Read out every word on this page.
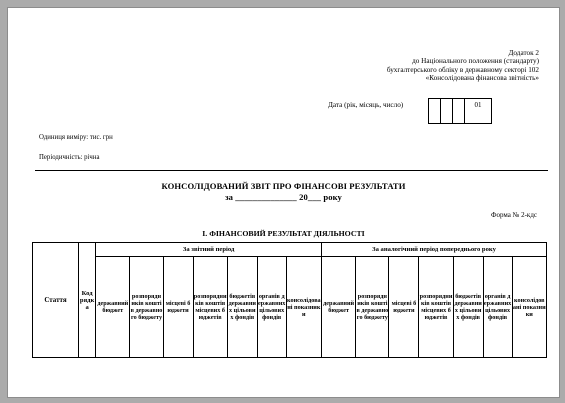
Додаток 2
до Національного положення (стандарту)
бухгалтерського обліку в державному секторі 102
«Консолідована фінансова звітність»
Дата (рік, місяць, число)	01
Одиниця виміру: тис. грн
Періодичність: річна
КОНСОЛІДОВАНИЙ ЗВІТ ПРО ФІНАНСОВІ РЕЗУЛЬТАТИ
за ______________ 20___ року
Форма № 2-кдс
І. ФІНАНСОВИЙ РЕЗУЛЬТАТ ДІЯЛЬНОСТІ
Стаття	Код рядка	За звітний період							За аналогічний період попереднього року						
		державний бюджет	розпорядників коштів державного бюджету	місцеві бюджети	розпорядників коштів місцевих бюджетів	бюджетів державних цільових фондів	органів державних цільових фондів	консолідовані показники	державний бюджет	розпорядників коштів державного бюджету	місцеві бюджети	розпорядників коштів місцевих бюджетів	бюджетів державних цільових фондів	органів державних цільових фондів	консолідовані показники
